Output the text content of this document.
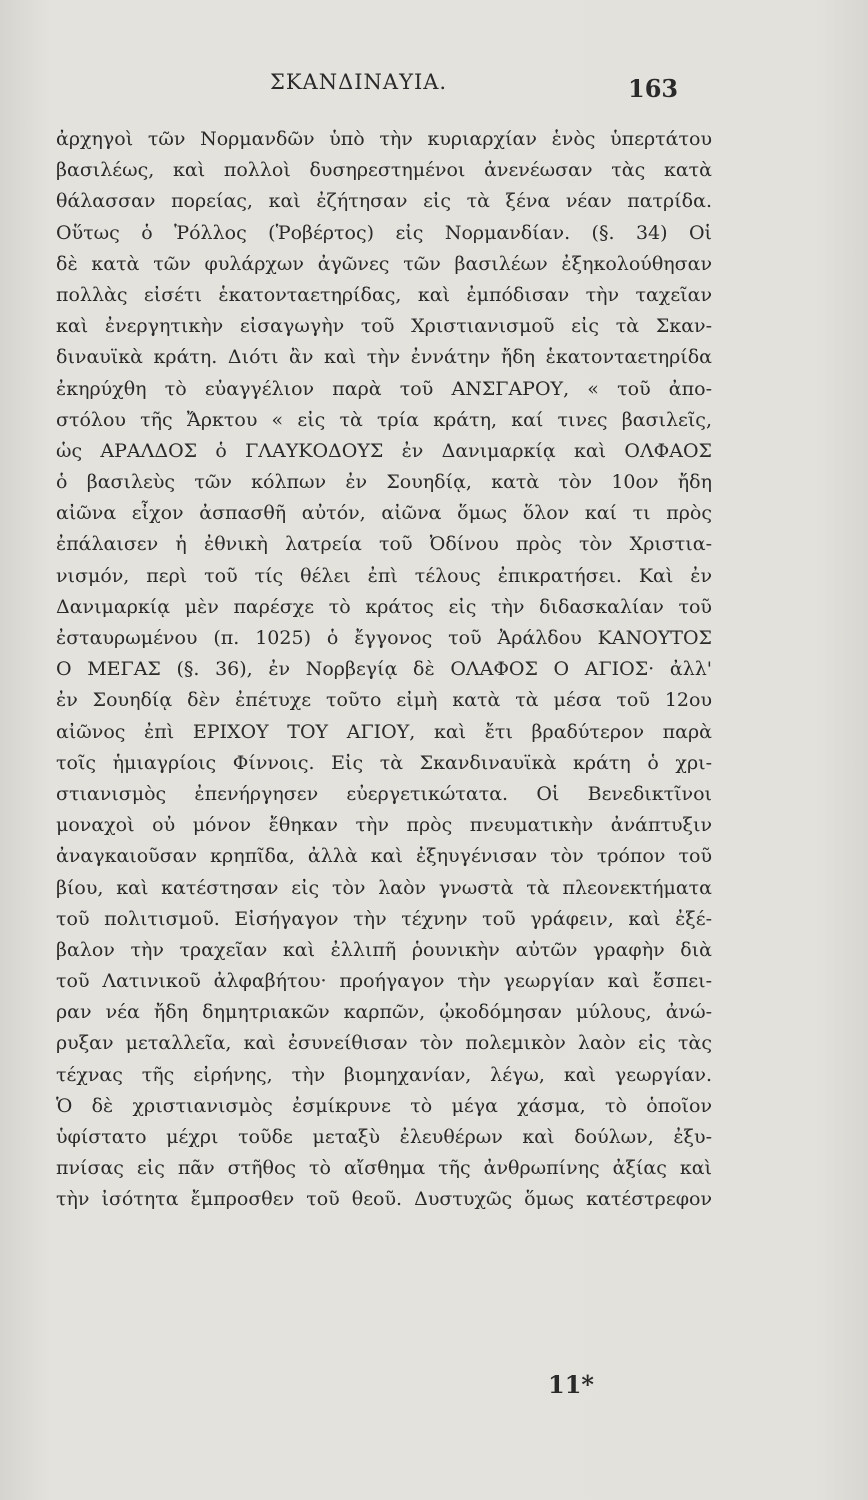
ΣΚΑΝΔΙΝΑΥΙΑ.	163
ἀρχηγοὶ τῶν Νορμανδῶν ὑπὸ τὴν κυριαρχίαν ἑνὸς ὑπερτάτου
βασιλέως, καὶ πολλοὶ δυσηρεστημένοι ἀνενέωσαν τὰς κατὰ
θάλασσαν πορείας, καὶ ἐζήτησαν εἰς τὰ ξένα νέαν πατρίδα.
Οὕτως ὁ Ῥόλλος (Ῥοβέρτος) εἰς Νορμανδίαν. (§. 34) Οἱ
δὲ κατὰ τῶν φυλάρχων ἀγῶνες τῶν βασιλέων ἐξηκολούθησαν
πολλὰς εἰσέτι ἑκατονταετηρίδας, καὶ ἐμπόδισαν τὴν ταχεῖαν
καὶ ἐνεργητικὴν εἰσαγωγὴν τοῦ Χριστιανισμοῦ εἰς τὰ Σκαν-
διναυϊκὰ κράτη. Διότι ἂν καὶ τὴν ἐννάτην ἤδη ἑκατονταετηρίδα
ἐκηρύχθη τὸ εὐαγγέλιον παρὰ τοῦ ΑΝΣΓΑΡΟΥ, « τοῦ ἀπο-
στόλου τῆς Ἄρκτου « εἰς τὰ τρία κράτη, καί τινες βασιλεῖς,
ὡς ΑΡΑΛΔΟΣ ὁ ΓΛΑΥΚΟΔΟΥΣ ἐν Δανιμαρκίᾳ καὶ ΟΛΦΑΟΣ
ὁ βασιλεὺς τῶν κόλπων ἐν Σουηδίᾳ, κατὰ τὸν 10ον ἤδη
αἰῶνα εἶχον ἀσπασθῆ αὐτόν, αἰῶνα ὅμως ὅλον καί τι πρὸς
ἐπάλαισεν ἡ ἐθνικὴ λατρεία τοῦ Ὀδίνου πρὸς τὸν Χριστια-
νισμόν, περὶ τοῦ τίς θέλει ἐπὶ τέλους ἐπικρατήσει. Καὶ ἐν
Δανιμαρκίᾳ μὲν παρέσχε τὸ κράτος εἰς τὴν διδασκαλίαν τοῦ
ἐσταυρωμένου (π. 1025) ὁ ἔγγονος τοῦ Ἀράλδου ΚΑΝΟΥΤΟΣ
Ο ΜΕΓΑΣ (§. 36), ἐν Νορβεγίᾳ δὲ ΟΛΑΦΟΣ Ο ΑΓΙΟΣ· ἀλλ'
ἐν Σουηδίᾳ δὲν ἐπέτυχε τοῦτο εἰμὴ κατὰ τὰ μέσα τοῦ 12ου
αἰῶνος ἐπὶ ΕΡΙΧΟΥ ΤΟΥ ΑΓΙΟΥ, καὶ ἔτι βραδύτερον παρὰ
τοῖς ἡμιαγρίοις Φίννοις. Εἰς τὰ Σκανδιναυϊκὰ κράτη ὁ χρι-
στιανισμὸς ἐπενήργησεν εὐεργετικώτατα. Οἱ Βενεδικτῖνοι
μοναχοὶ οὐ μόνον ἔθηκαν τὴν πρὸς πνευματικὴν ἀνάπτυξιν
ἀναγκαιοῦσαν κρηπῖδα, ἀλλὰ καὶ ἐξηυγένισαν τὸν τρόπον τοῦ
βίου, καὶ κατέστησαν εἰς τὸν λαὸν γνωστὰ τὰ πλεονεκτήματα
τοῦ πολιτισμοῦ. Εἰσήγαγον τὴν τέχνην τοῦ γράφειν, καὶ ἐξέ-
βαλον τὴν τραχεῖαν καὶ ἐλλιπῆ ῥουνικὴν αὐτῶν γραφὴν διὰ
τοῦ Λατινικοῦ ἀλφαβήτου· προήγαγον τὴν γεωργίαν καὶ ἔσπει-
ραν νέα ἤδη δημητριακῶν καρπῶν, ᾠκοδόμησαν μύλους, ἀνώ-
ρυξαν μεταλλεῖα, καὶ ἐσυνείθισαν τὸν πολεμικὸν λαὸν εἰς τὰς
τέχνας τῆς εἰρήνης, τὴν βιομηχανίαν, λέγω, καὶ γεωργίαν.
Ὁ δὲ χριστιανισμὸς ἐσμίκρυνε τὸ μέγα χάσμα, τὸ ὁποῖον
ὑφίστατο μέχρι τοῦδε μεταξὺ ἐλευθέρων καὶ δούλων, ἐξυ-
πνίσας εἰς πᾶν στῆθος τὸ αἴσθημα τῆς ἀνθρωπίνης ἀξίας καὶ
τὴν ἰσότητα ἔμπροσθεν τοῦ θεοῦ. Δυστυχῶς ὅμως κατέστρεφον
11*
